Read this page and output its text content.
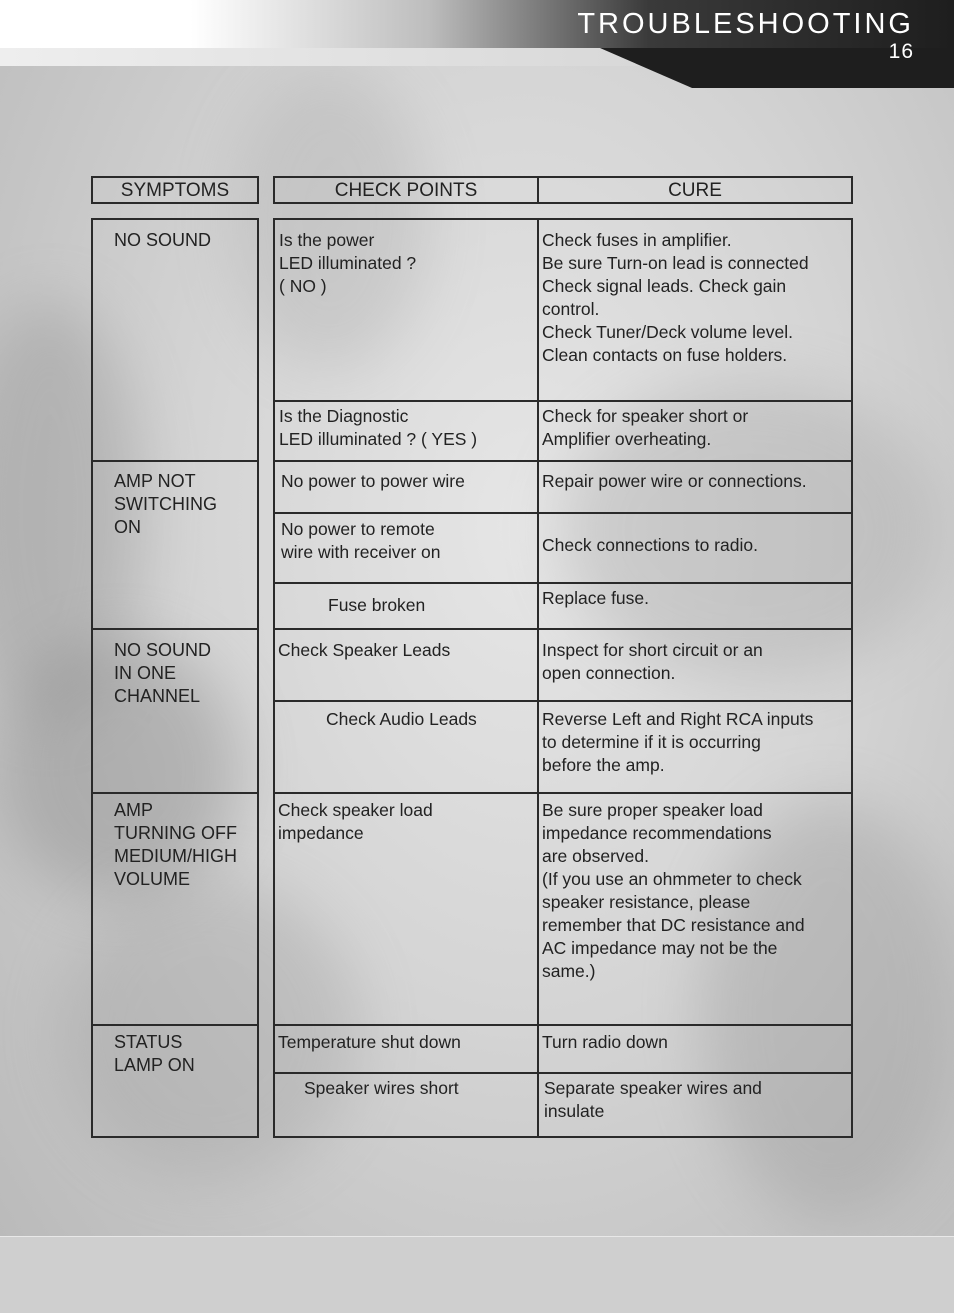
TROUBLESHOOTING
16
SYMPTOMS	CHECK POINTS	CURE
NO SOUND
AMP NOT
SWITCHING
ON
NO SOUND
IN ONE
CHANNEL
AMP
TURNING OFF
MEDIUM/HIGH
VOLUME
STATUS
LAMP ON
Is the power
LED illuminated ?
( NO )
Is the Diagnostic
LED illuminated ? ( YES )
No power to power wire
No power to remote
wire with receiver on
Fuse broken
Check Speaker Leads
Check Audio Leads
Check speaker load
impedance
Temperature shut down
Speaker wires short
Check fuses in amplifier.
Be sure Turn-on lead is connected
Check signal leads. Check gain
control.
Check Tuner/Deck volume level.
Clean contacts on fuse holders.
Check for speaker short or
Amplifier overheating.
Repair power wire or connections.
Check connections to radio.
Replace fuse.
Inspect for short circuit or an
open connection.
Reverse Left and Right RCA inputs
to determine if it is occurring
before the amp.
Be sure proper speaker load
impedance recommendations
are observed.
(If you use an ohmmeter to check
speaker resistance, please
remember that DC resistance and
AC impedance may not be the
same.)
Turn radio down
Separate speaker wires and
insulate
